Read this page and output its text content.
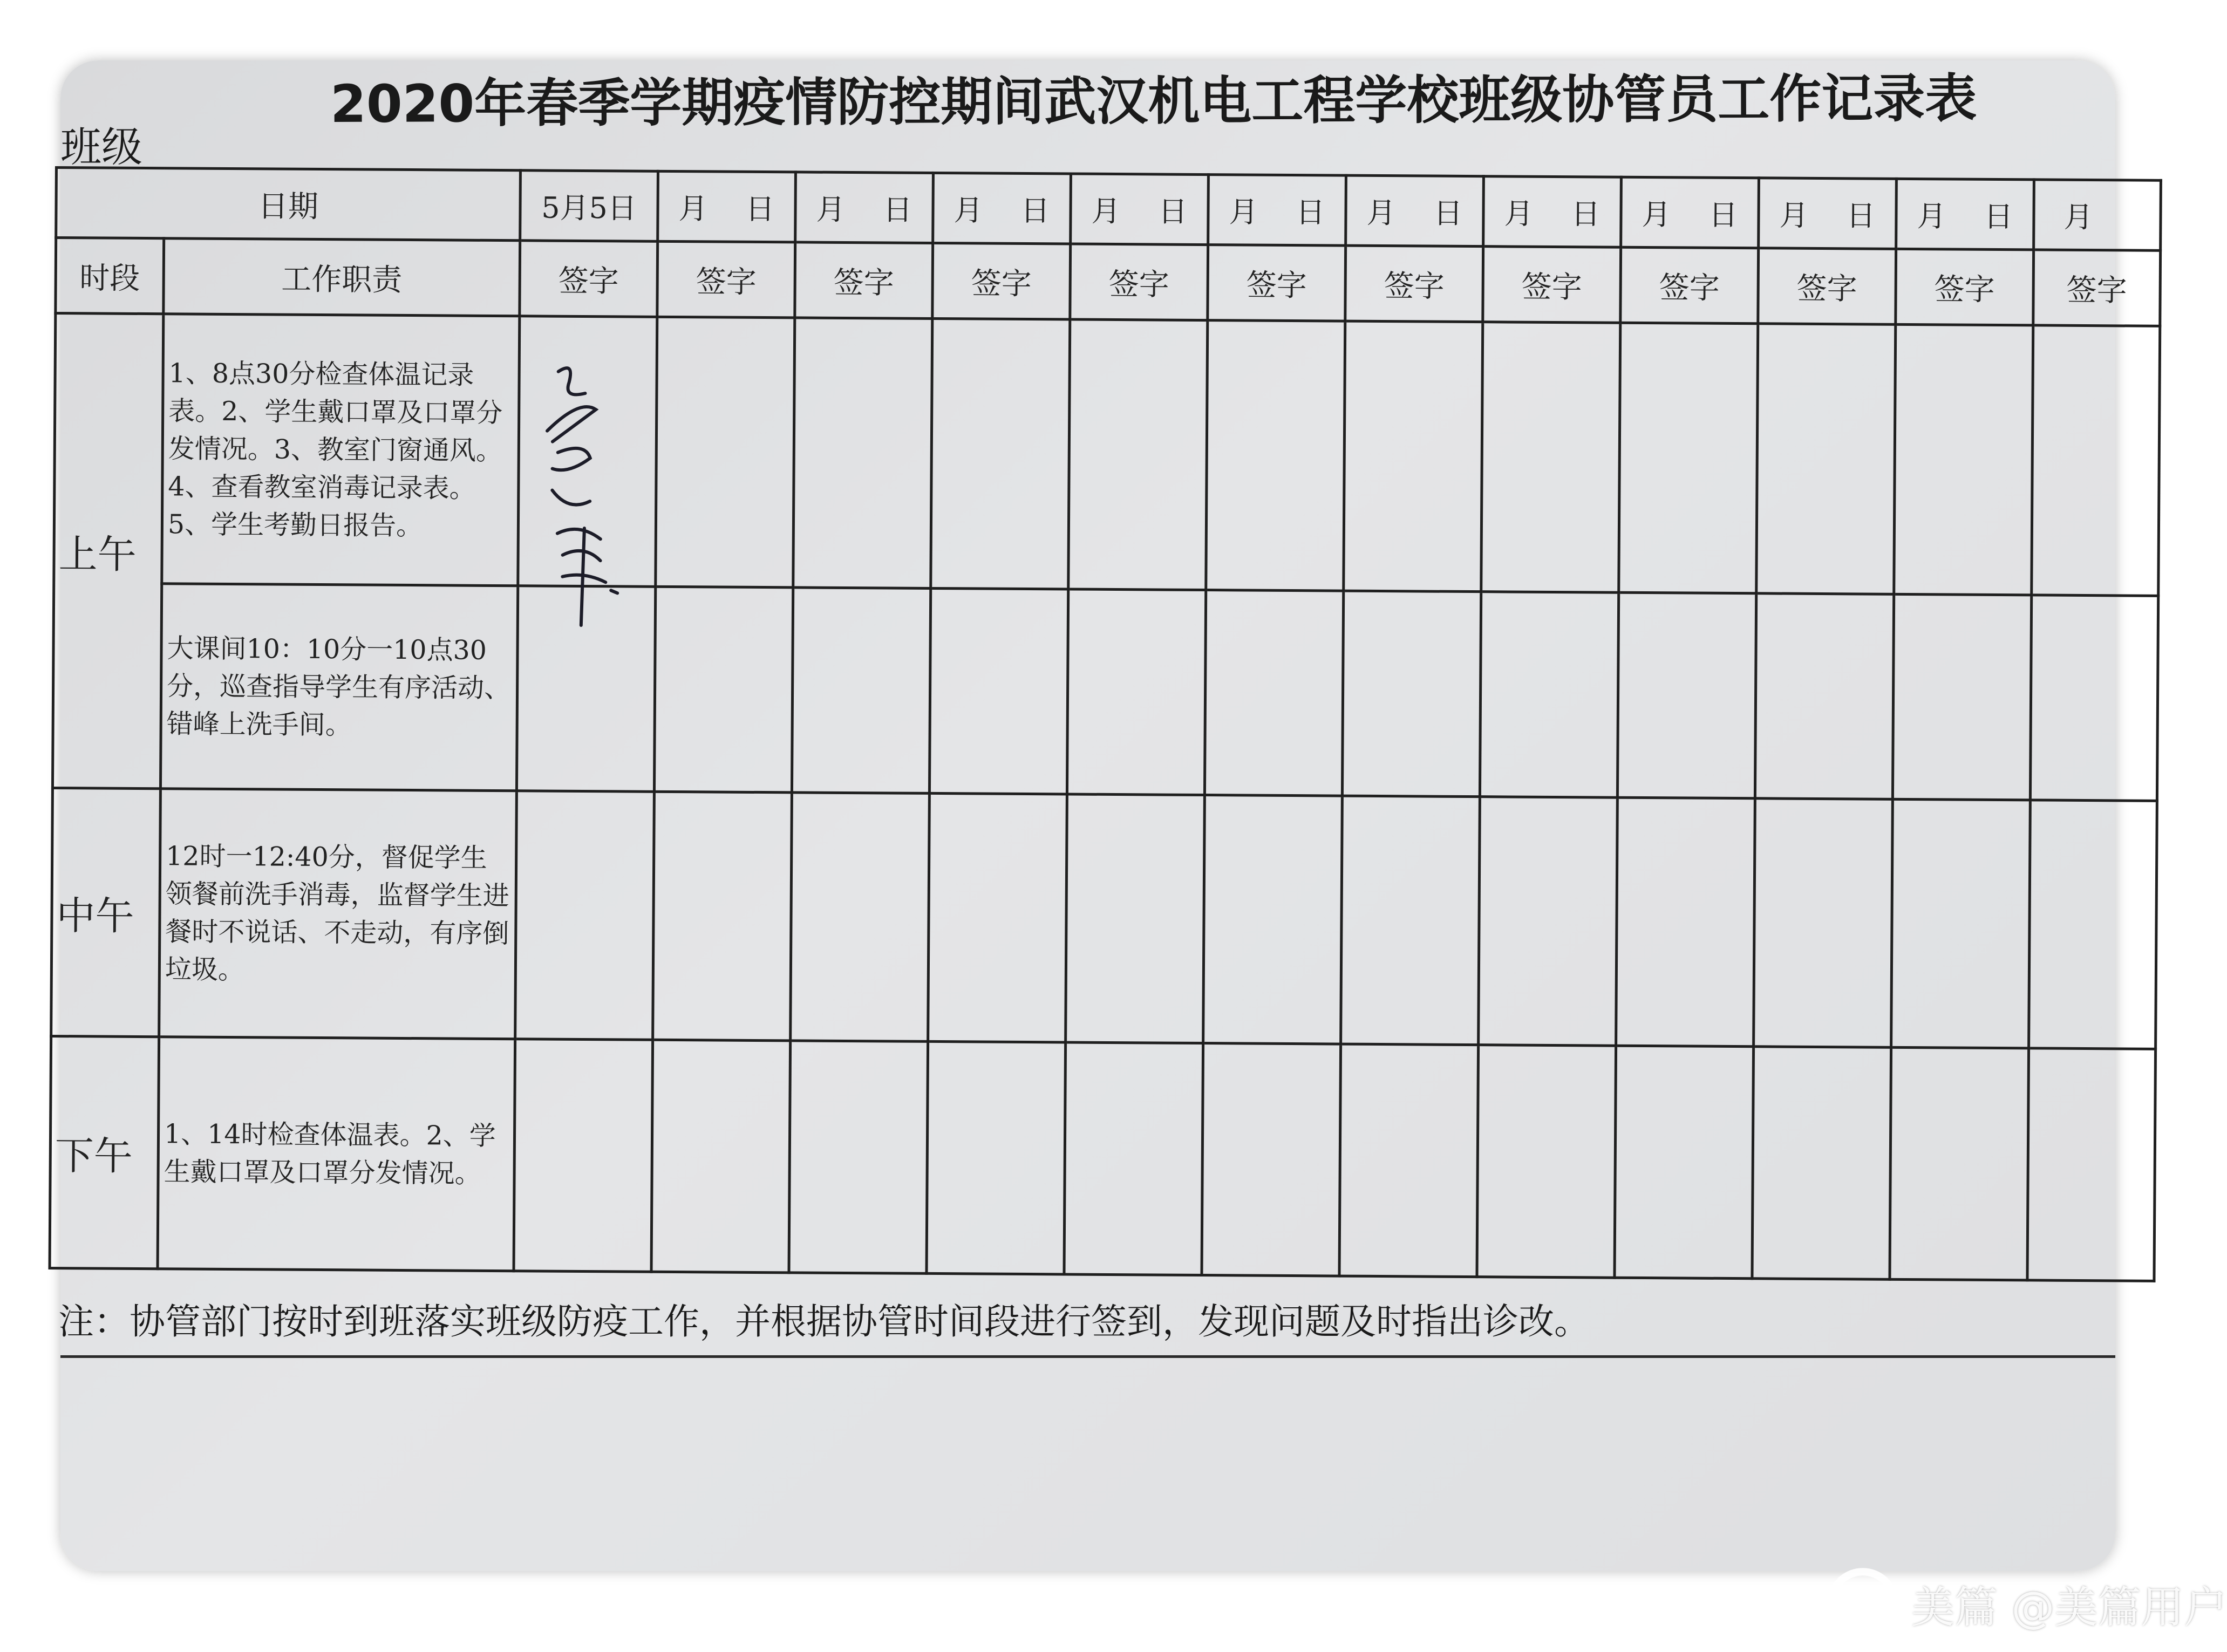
2020年春季学期疫情防控期间武汉机电工程学校班级协管员工作记录表
班级
日期		5月5日	月 日	月 日	月 日	月 日	月 日	月 日	月 日	月 日	月 日	月 日	月
时段	工作职责	签字	签字	签字	签字	签字	签字	签字	签字	签字	签字	签字	签字
上午	1、8点30分检查体温记录表。2、学生戴口罩及口罩分发情况。3、教室门窗通风。4、查看教室消毒记录表。5、学生考勤日报告。	

	大课间10：10分一10点30分，巡查指导学生有序活动、错峰上洗手间。												
中午	12时一12:40分，督促学生领餐前洗手消毒，监督学生进餐时不说话、不走动，有序倒垃圾。												
下午	1、14时检查体温表。2、学生戴口罩及口罩分发情况。												
注：协管部门按时到班落实班级防疫工作，并根据协管时间段进行签到，发现问题及时指出诊改。
美篇 @美篇用户
